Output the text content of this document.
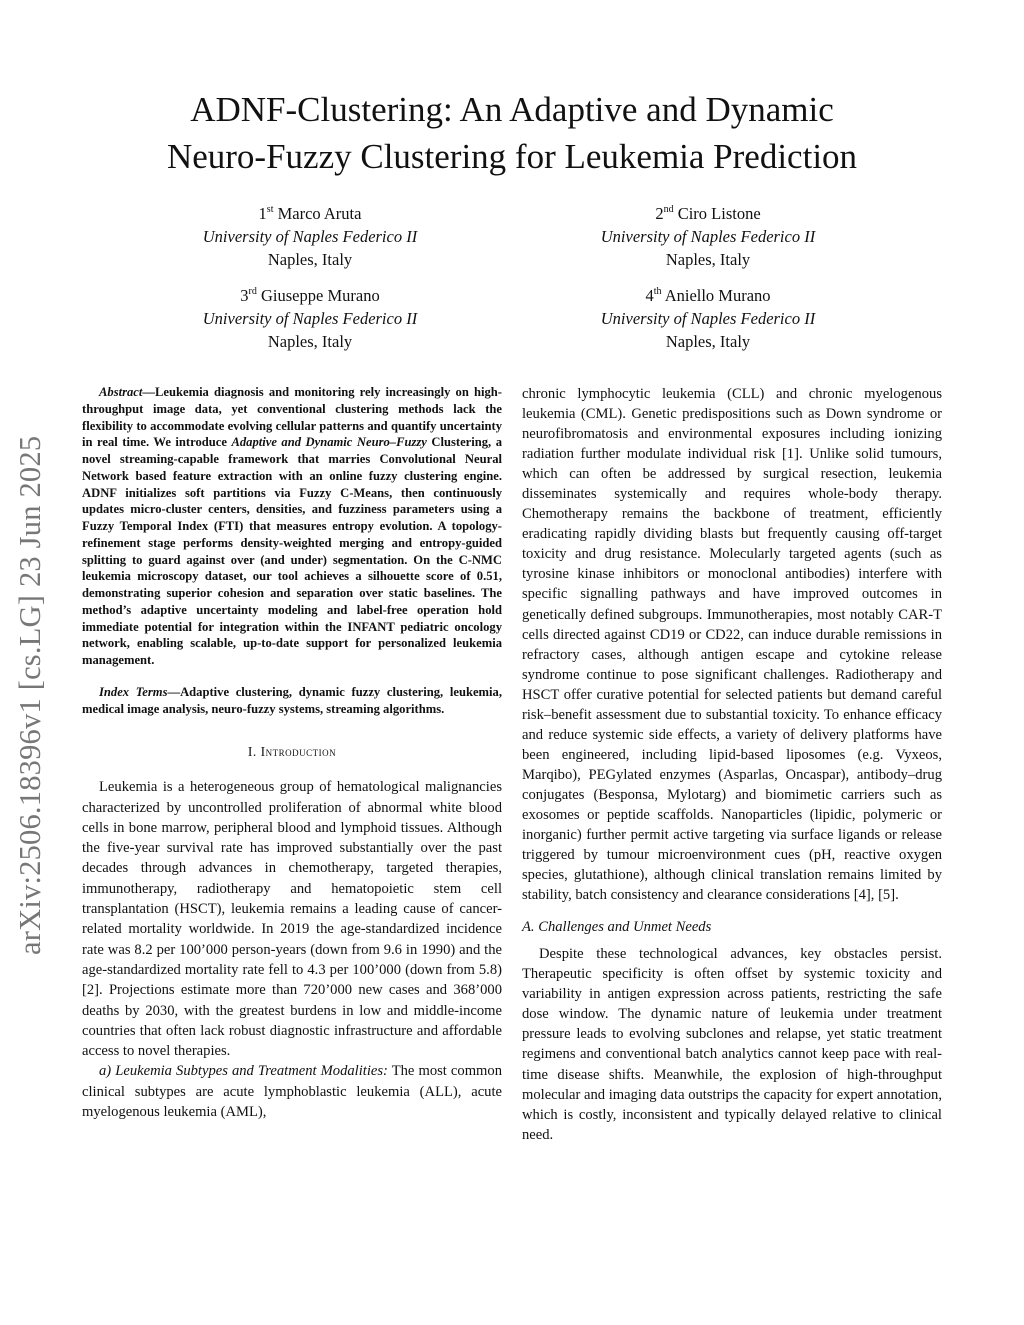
ADNF-Clustering: An Adaptive and Dynamic
Neuro-Fuzzy Clustering for Leukemia Prediction
1st Marco Aruta
University of Naples Federico II
Naples, Italy
2nd Ciro Listone
University of Naples Federico II
Naples, Italy
3rd Giuseppe Murano
University of Naples Federico II
Naples, Italy
4th Aniello Murano
University of Naples Federico II
Naples, Italy
arXiv:2506.18396v1 [cs.LG] 23 Jun 2025

Abstract—Leukemia diagnosis and monitoring rely increasingly on high-throughput image data, yet conventional clustering methods lack the flexibility to accommodate evolving cellular patterns and quantify uncertainty in real time. We introduce Adaptive and Dynamic Neuro–Fuzzy Clustering, a novel streaming-capable framework that marries Convolutional Neural Network based feature extraction with an online fuzzy clustering engine. ADNF initializes soft partitions via Fuzzy C-Means, then continuously updates micro-cluster centers, densities, and fuzziness parameters using a Fuzzy Temporal Index (FTI) that measures entropy evolution. A topology-refinement stage performs density-weighted merging and entropy-guided splitting to guard against over (and under) segmentation. On the C-NMC leukemia microscopy dataset, our tool achieves a silhouette score of 0.51, demonstrating superior cohesion and separation over static baselines. The method’s adaptive uncertainty modeling and label-free operation hold immediate potential for integration within the INFANT pediatric oncology network, enabling scalable, up-to-date support for personalized leukemia management.

Index Terms—Adaptive clustering, dynamic fuzzy clustering, leukemia, medical image analysis, neuro-fuzzy systems, streaming algorithms.

I. Introduction

Leukemia is a heterogeneous group of hematological malignancies characterized by uncontrolled proliferation of abnormal white blood cells in bone marrow, peripheral blood and lymphoid tissues. Although the five-year survival rate has improved substantially over the past decades through advances in chemotherapy, targeted therapies, immunotherapy, radiotherapy and hematopoietic stem cell transplantation (HSCT), leukemia remains a leading cause of cancer-related mortality worldwide. In 2019 the age-standardized incidence rate was 8.2 per 100’000 person-years (down from 9.6 in 1990) and the age-standardized mortality rate fell to 4.3 per 100’000 (down from 5.8) [2]. Projections estimate more than 720’000 new cases and 368’000 deaths by 2030, with the greatest burdens in low and middle-income countries that often lack robust diagnostic infrastructure and affordable access to novel therapies.

a) Leukemia Subtypes and Treatment Modalities: The most common clinical subtypes are acute lymphoblastic leukemia (ALL), acute myelogenous leukemia (AML),

chronic lymphocytic leukemia (CLL) and chronic myelogenous leukemia (CML). Genetic predispositions such as Down syndrome or neurofibromatosis and environmental exposures including ionizing radiation further modulate individual risk [1]. Unlike solid tumours, which can often be addressed by surgical resection, leukemia disseminates systemically and requires whole-body therapy. Chemotherapy remains the backbone of treatment, efficiently eradicating rapidly dividing blasts but frequently causing off-target toxicity and drug resistance. Molecularly targeted agents (such as tyrosine kinase inhibitors or monoclonal antibodies) interfere with specific signalling pathways and have improved outcomes in genetically defined subgroups. Immunotherapies, most notably CAR-T cells directed against CD19 or CD22, can induce durable remissions in refractory cases, although antigen escape and cytokine release syndrome continue to pose significant challenges. Radiotherapy and HSCT offer curative potential for selected patients but demand careful risk–benefit assessment due to substantial toxicity. To enhance efficacy and reduce systemic side effects, a variety of delivery platforms have been engineered, including lipid-based liposomes (e.g. Vyxeos, Marqibo), PEGylated enzymes (Asparlas, Oncaspar), antibody–drug conjugates (Besponsa, Mylotarg) and biomimetic carriers such as exosomes or peptide scaffolds. Nanoparticles (lipidic, polymeric or inorganic) further permit active targeting via surface ligands or release triggered by tumour microenvironment cues (pH, reactive oxygen species, glutathione), although clinical translation remains limited by stability, batch consistency and clearance considerations [4], [5].

A. Challenges and Unmet Needs

Despite these technological advances, key obstacles persist. Therapeutic specificity is often offset by systemic toxicity and variability in antigen expression across patients, restricting the safe dose window. The dynamic nature of leukemia under treatment pressure leads to evolving subclones and relapse, yet static treatment regimens and conventional batch analytics cannot keep pace with real-time disease shifts. Meanwhile, the explosion of high-throughput molecular and imaging data outstrips the capacity for expert annotation, which is costly, inconsistent and typically delayed relative to clinical need.
